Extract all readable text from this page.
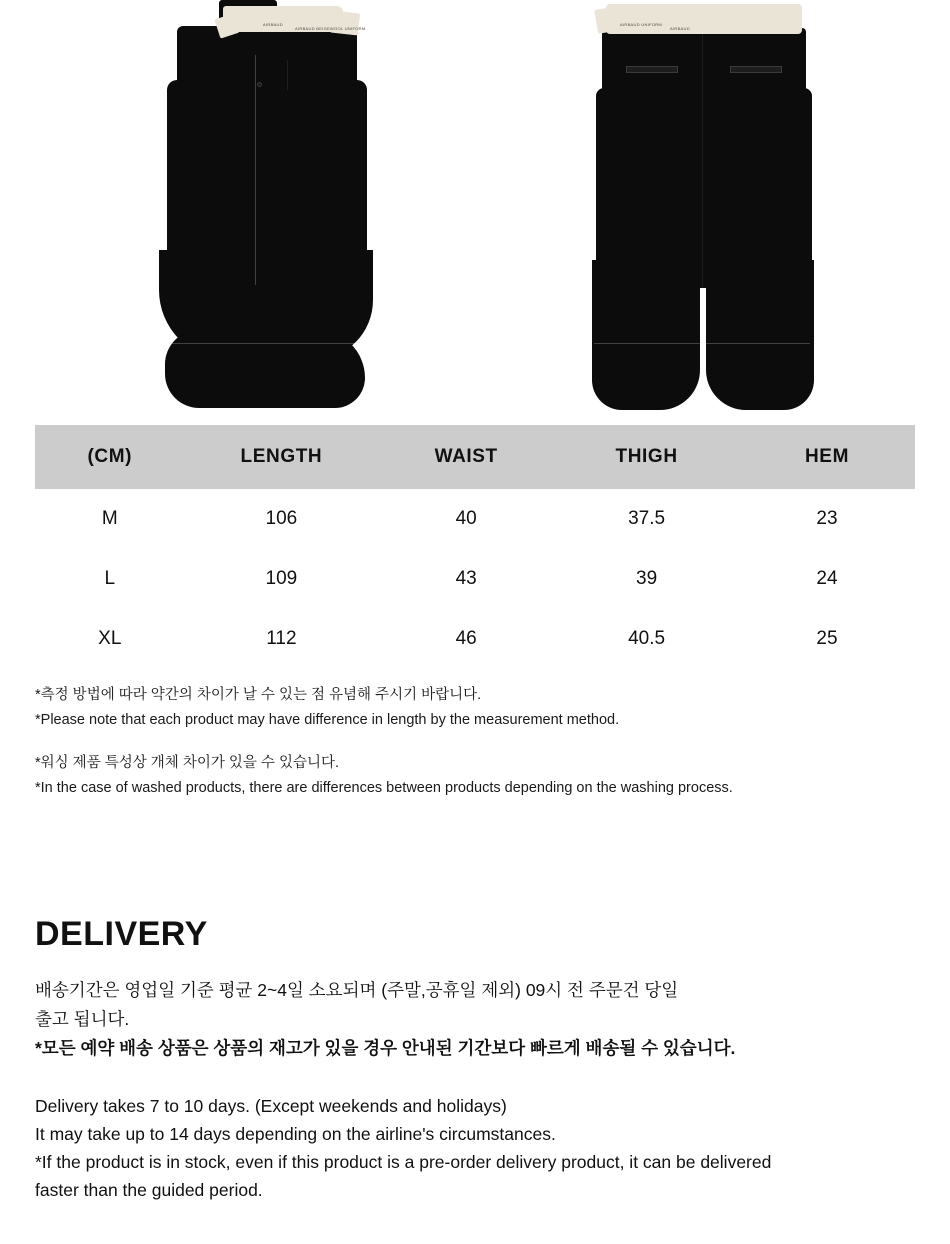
AIRBAUD
AIRBAUD BEIGEWOOL UNIFORM
AIRBAUD UNIFORM
AIRBAUD
(CM)	LENGTH	WAIST	THIGH	HEM
M	106	40	37.5	23
L	109	43	39	24
XL	112	46	40.5	25
*측정 방법에 따라 약간의 차이가 날 수 있는 점 유념해 주시기 바랍니다.
*Please note that each product may have difference in length by the measurement method.
*워싱 제품 특성상 개체 차이가 있을 수 있습니다.
*In the case of washed products, there are differences between products depending on the washing process.
DELIVERY

배송기간은 영업일 기준 평균 2~4일 소요되며 (주말,공휴일 제외) 09시 전 주문건 당일

출고 됩니다.

*모든 예약 배송 상품은 상품의 재고가 있을 경우 안내된 기간보다 빠르게 배송될 수 있습니다.

Delivery takes 7 to 10 days. (Except weekends and holidays)

It may take up to 14 days depending on the airline's circumstances.

*If the product is in stock, even if this product is a pre-order delivery product, it can be delivered

faster than the guided period.
